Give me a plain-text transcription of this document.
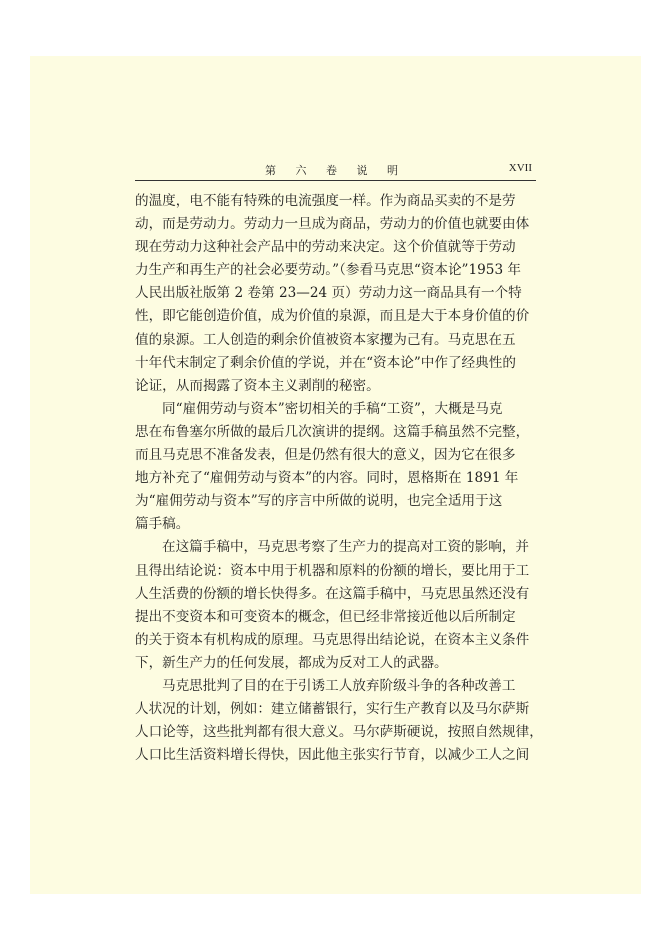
第 六 卷 说 明	XVII
的温度，电不能有特殊的电流强度一样。作为商品买卖的不是劳
动，而是劳动力。劳动力一旦成为商品，劳动力的价值也就要由体
现在劳动力这种社会产品中的劳动来决定。这个价值就等于劳动
力生产和再生产的社会必要劳动。”（参看马克思“资本论”1953 年
人民出版社版第 2 卷第 23—24 页）劳动力这一商品具有一个特
性，即它能创造价值，成为价值的泉源，而且是大于本身价值的价
值的泉源。工人创造的剩余价值被资本家攫为己有。马克思在五
十年代末制定了剩余价值的学说，并在“资本论”中作了经典性的
论证，从而揭露了资本主义剥削的秘密。
同“雇佣劳动与资本”密切相关的手稿“工资”，大概是马克
思在布鲁塞尔所做的最后几次演讲的提纲。这篇手稿虽然不完整，
而且马克思不准备发表，但是仍然有很大的意义，因为它在很多
地方补充了“雇佣劳动与资本”的内容。同时，恩格斯在 1891 年
为“雇佣劳动与资本”写的序言中所做的说明，也完全适用于这
篇手稿。
在这篇手稿中，马克思考察了生产力的提高对工资的影响，并
且得出结论说：资本中用于机器和原料的份额的增长，要比用于工
人生活费的份额的增长快得多。在这篇手稿中，马克思虽然还没有
提出不变资本和可变资本的概念，但已经非常接近他以后所制定
的关于资本有机构成的原理。马克思得出结论说，在资本主义条件
下，新生产力的任何发展，都成为反对工人的武器。
马克思批判了目的在于引诱工人放弃阶级斗争的各种改善工
人状况的计划，例如：建立储蓄银行，实行生产教育以及马尔萨斯
人口论等，这些批判都有很大意义。马尔萨斯硬说，按照自然规律，
人口比生活资料增长得快，因此他主张实行节育，以减少工人之间
